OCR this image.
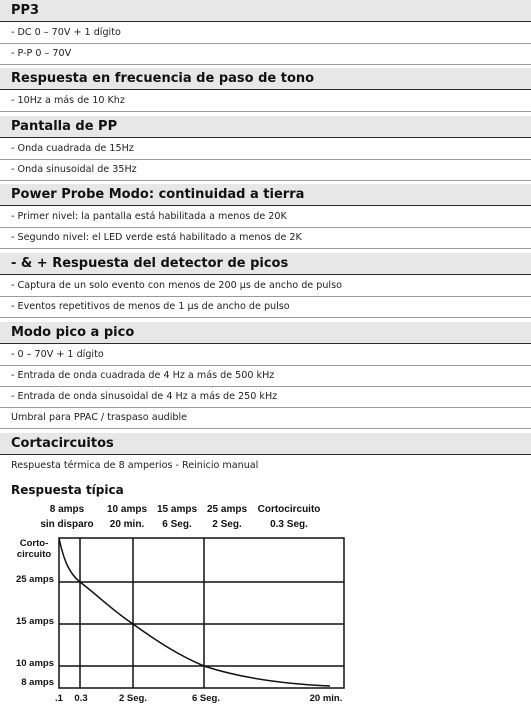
PP3
- DC 0 – 70V + 1 dígito
- P-P 0 – 70V
Respuesta en frecuencia de paso de tono
- 10Hz a más de 10 Khz
Pantalla de PP
- Onda cuadrada de 15Hz
- Onda sinusoidal de 35Hz
Power Probe Modo: continuidad a tierra
- Primer nivel: la pantalla está habilitada a menos de 20K
- Segundo nivel: el LED verde está habilitado a menos de 2K
- & + Respuesta del detector de picos
- Captura de un solo evento con menos de 200 µs de ancho de pulso
- Eventos repetitivos de menos de 1 µs de ancho de pulso
Modo pico a pico
- 0 – 70V + 1 dígito
- Entrada de onda cuadrada de 4 Hz a más de 500 kHz
- Entrada de onda sinusoidal de 4 Hz a más de 250 kHz
Umbral para PPAC / traspaso audible
Cortacircuitos
Respuesta térmica de 8 amperios - Reinicio manual
Respuesta típica
8 amps
sin disparo
10 amps
20 min.
15 amps
6 Seg.
25 amps
2 Seg.
Cortocircuito
0.3 Seg.
Corto-
circuito
25 amps
15 amps
10 amps
8 amps
.1 0.3	2 Seg.	6 Seg.	20 min.
